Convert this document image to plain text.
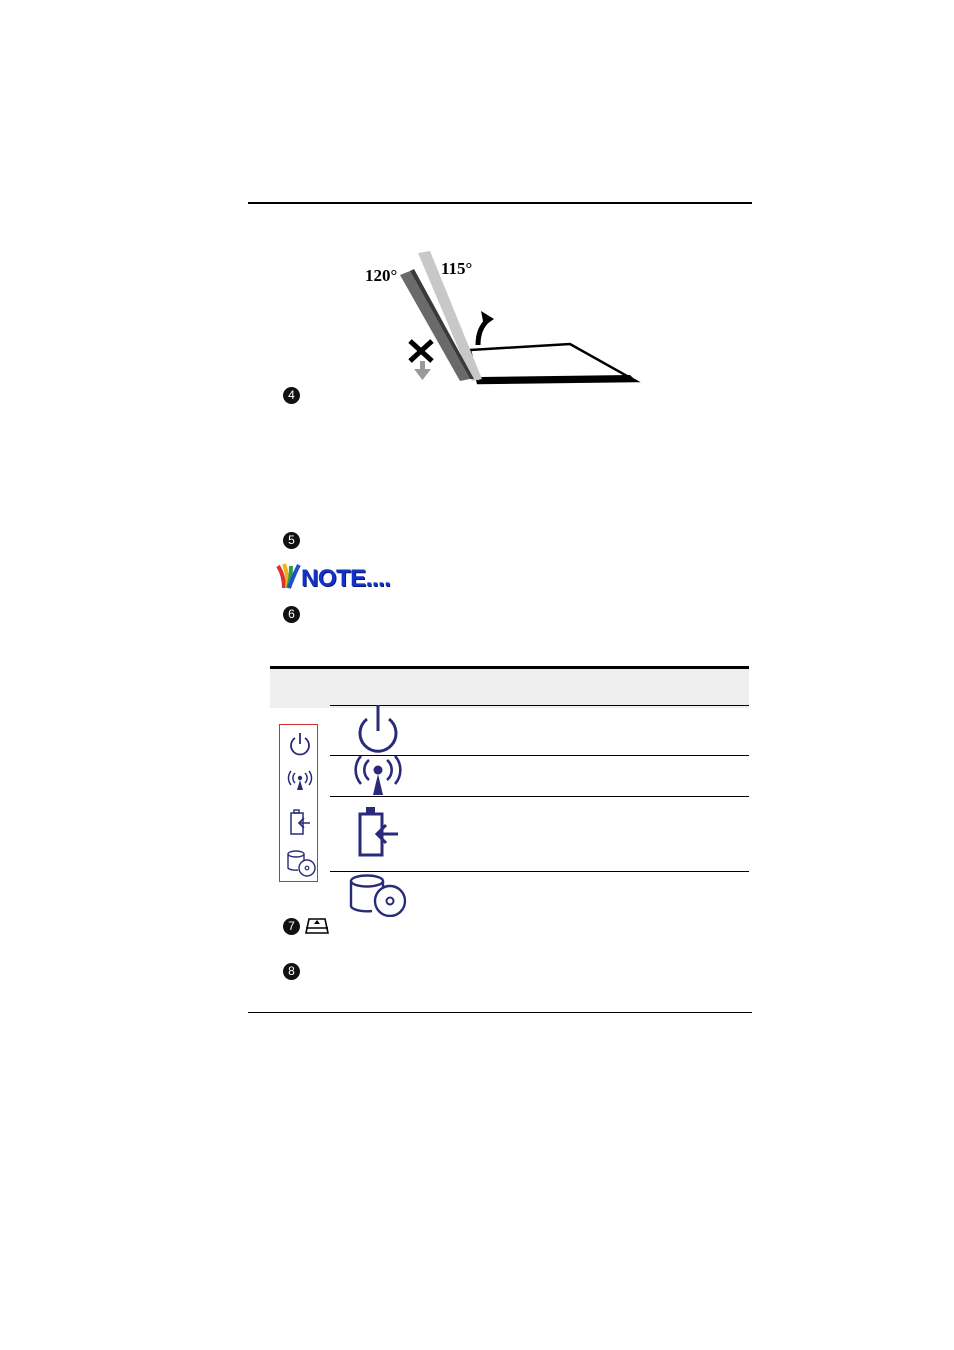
120°	115°
4
5
NOTE....
6
7
8
